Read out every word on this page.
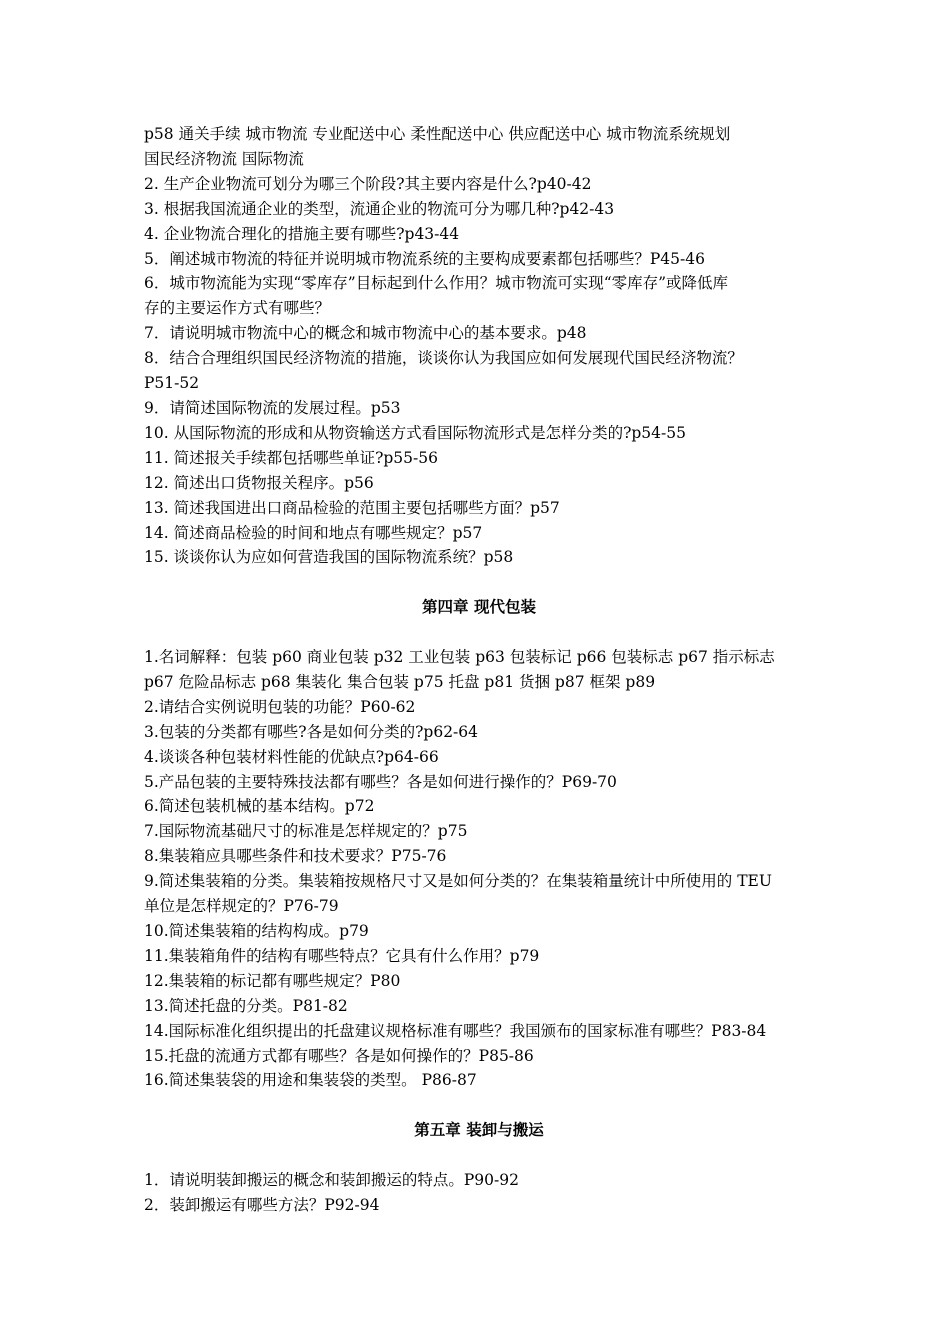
p58 通关手续 城市物流 专业配送中心 柔性配送中心 供应配送中心 城市物流系统规划
国民经济物流 国际物流
2. 生产企业物流可划分为哪三个阶段?其主要内容是什么?p40-42
3. 根据我国流通企业的类型，流通企业的物流可分为哪几种?p42-43
4. 企业物流合理化的措施主要有哪些?p43-44
5．阐述城市物流的特征并说明城市物流系统的主要构成要素都包括哪些？P45-46
6．城市物流能为实现“零库存”目标起到什么作用？城市物流可实现“零库存”或降低库
存的主要运作方式有哪些？
7．请说明城市物流中心的概念和城市物流中心的基本要求。p48
8．结合合理组织国民经济物流的措施，谈谈你认为我国应如何发展现代国民经济物流？
P51-52
9．请简述国际物流的发展过程。p53
10. 从国际物流的形成和从物资输送方式看国际物流形式是怎样分类的?p54-55
11. 简述报关手续都包括哪些单证?p55-56
12. 简述出口货物报关程序。p56
13. 简述我国进出口商品检验的范围主要包括哪些方面？p57
14. 简述商品检验的时间和地点有哪些规定？p57
15. 谈谈你认为应如何营造我国的国际物流系统？p58
第四章 现代包装
1.名词解释：包装 p60 商业包装 p32 工业包装 p63 包装标记 p66 包装标志 p67 指示标志
p67 危险品标志 p68 集装化 集合包装 p75 托盘 p81 货捆 p87 框架 p89
2.请结合实例说明包装的功能？P60-62
3.包装的分类都有哪些?各是如何分类的?p62-64
4.谈谈各种包装材料性能的优缺点?p64-66
5.产品包装的主要特殊技法都有哪些？各是如何进行操作的？P69-70
6.简述包装机械的基本结构。p72
7.国际物流基础尺寸的标准是怎样规定的？p75
8.集装箱应具哪些条件和技术要求？P75-76
9.简述集装箱的分类。集装箱按规格尺寸又是如何分类的？在集装箱量统计中所使用的 TEU
单位是怎样规定的？P76-79
10.简述集装箱的结构构成。p79
11.集装箱角件的结构有哪些特点？它具有什么作用？p79
12.集装箱的标记都有哪些规定？P80
13.简述托盘的分类。P81-82
14.国际标准化组织提出的托盘建议规格标准有哪些？我国颁布的国家标准有哪些？P83-84
15.托盘的流通方式都有哪些？各是如何操作的？P85-86
16.简述集装袋的用途和集装袋的类型。 P86-87
第五章 装卸与搬运
1．请说明装卸搬运的概念和装卸搬运的特点。P90-92
2．装卸搬运有哪些方法？P92-94
